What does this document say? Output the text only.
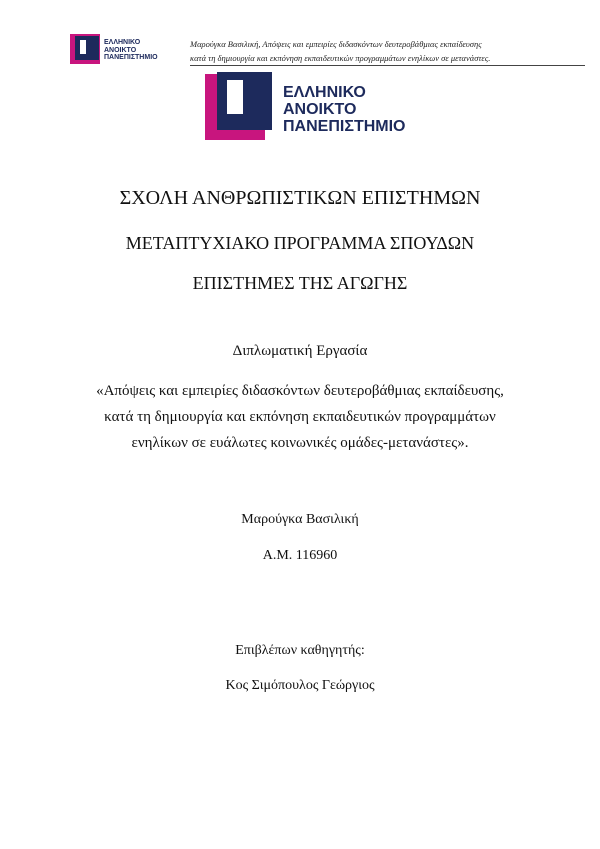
ΕΛΛΗΝΙΚΟ
ΑΝΟΙΚΤΟ
ΠΑΝΕΠΙΣΤΗΜΙΟ
Μαρούγκα Βασιλική, Απόψεις και εμπειρίες διδασκόντων δευτεροβάθμιας εκπαίδευσης
κατά τη δημιουργία και εκπόνηση εκπαιδευτικών προγραμμάτων ενηλίκων σε μετανάστες.
ΕΛΛΗΝΙΚΟ
ΑΝΟΙΚΤΟ
ΠΑΝΕΠΙΣΤΗΜΙΟ
ΣΧΟΛΗ ΑΝΘΡΩΠΙΣΤΙΚΩΝ ΕΠΙΣΤΗΜΩΝ
ΜΕΤΑΠΤΥΧΙΑΚΟ ΠΡΟΓΡΑΜΜΑ ΣΠΟΥΔΩΝ
ΕΠΙΣΤΗΜΕΣ ΤΗΣ ΑΓΩΓΗΣ
Διπλωματική Εργασία
«Απόψεις και εμπειρίες διδασκόντων δευτεροβάθμιας εκπαίδευσης,
κατά τη δημιουργία και εκπόνηση εκπαιδευτικών προγραμμάτων
ενηλίκων σε ευάλωτες κοινωνικές ομάδες-μετανάστες».
Μαρούγκα Βασιλική
Α.Μ. 116960
Επιβλέπων καθηγητής:
Κος Σιμόπουλος Γεώργιος
